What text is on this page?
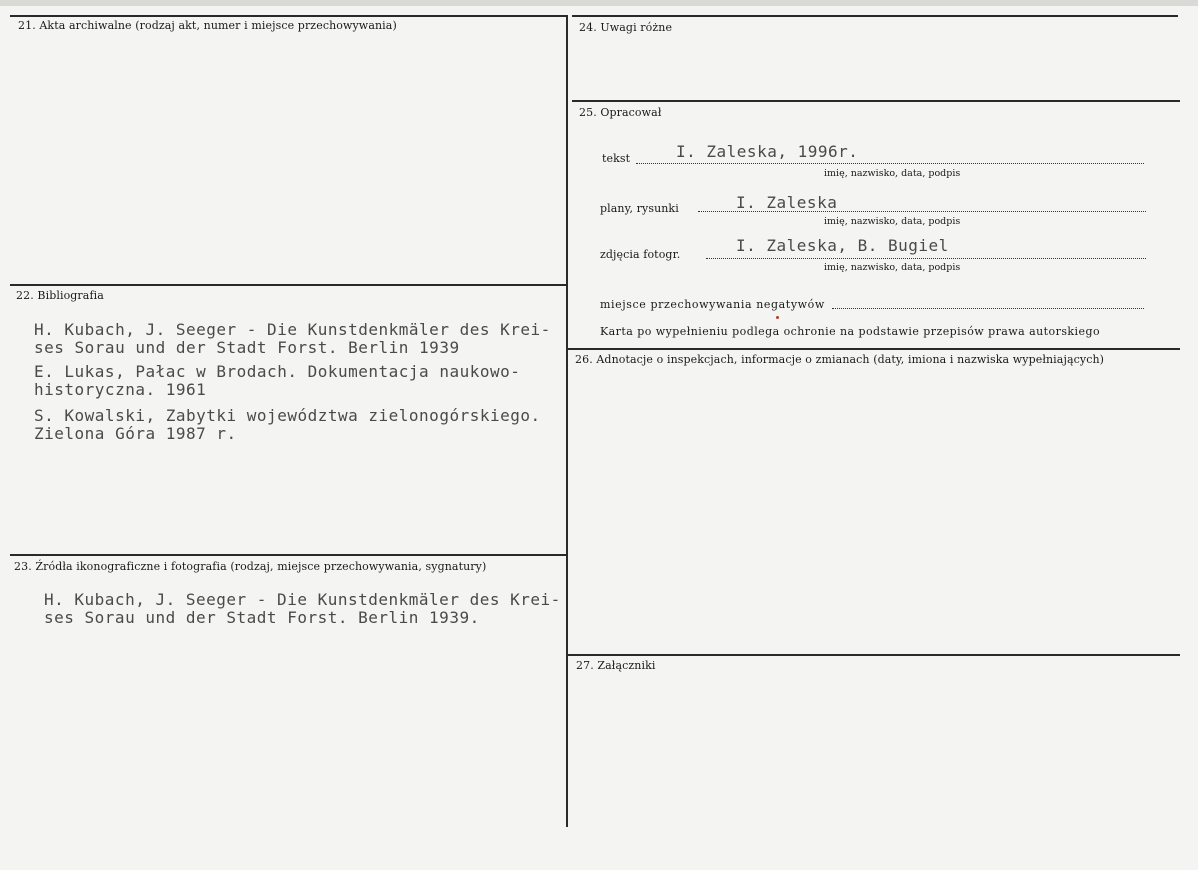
21. Akta archiwalne (rodzaj akt, numer i miejsce przechowywania)
22. Bibliografia
H. Kubach, J. Seeger - Die Kunstdenkmäler des Krei-
ses Sorau und der Stadt Forst. Berlin 1939
E. Lukas, Pałac w Brodach. Dokumentacja naukowo-
historyczna. 1961
S. Kowalski, Zabytki województwa zielonogórskiego.
Zielona Góra 1987 r.
23. Źródła ikonograficzne i fotografia (rodzaj, miejsce przechowywania, sygnatury)
H. Kubach, J. Seeger - Die Kunstdenkmäler des Krei-
ses Sorau und der Stadt Forst. Berlin 1939.
24. Uwagi różne
25. Opracował
tekst	I. Zaleska, 1996r.
imię, nazwisko, data, podpis
plany, rysunki	I. Zaleska
imię, nazwisko, data, podpis
zdjęcia fotogr.	I. Zaleska, B. Bugiel
imię, nazwisko, data, podpis
miejsce przechowywania negatywów
Karta po wypełnieniu podlega ochronie na podstawie przepisów prawa autorskiego
26. Adnotacje o inspekcjach, informacje o zmianach (daty, imiona i nazwiska wypełniających)
27. Załączniki
